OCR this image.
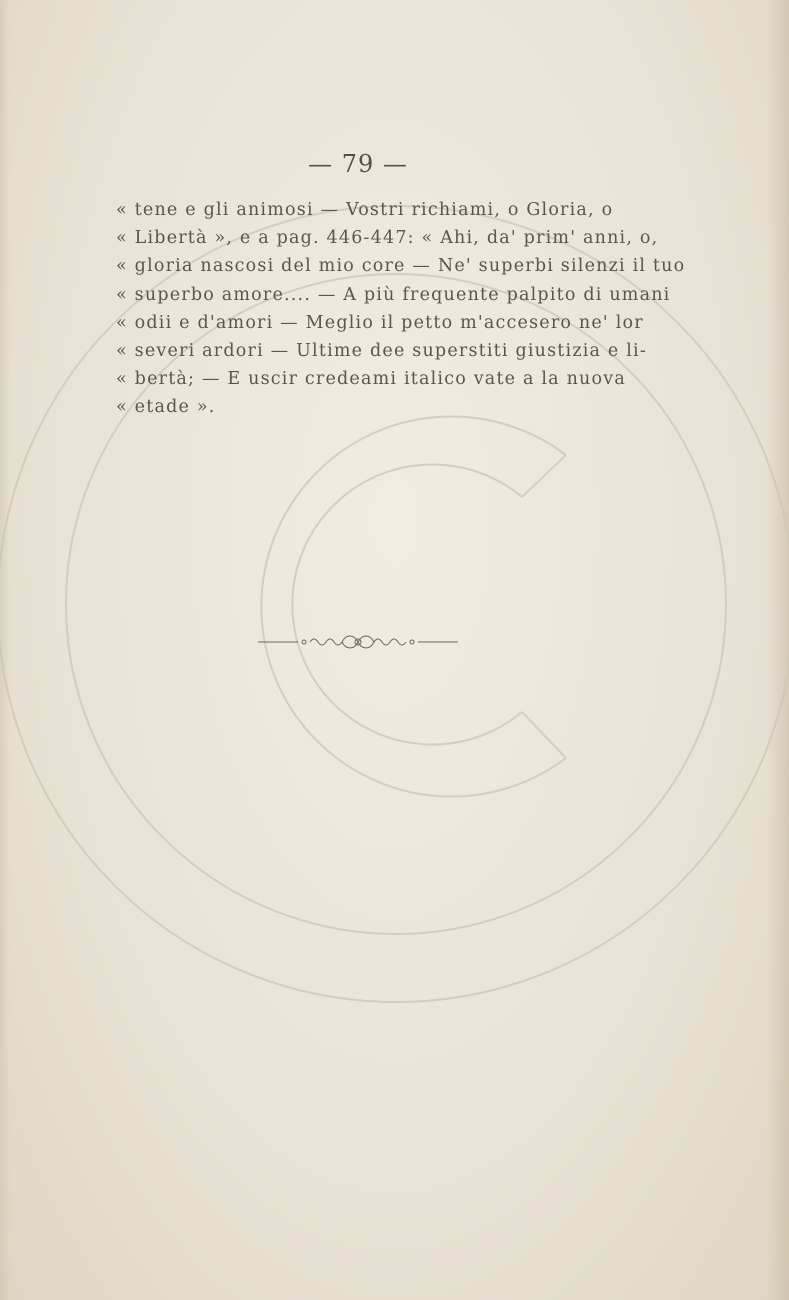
— 79 —
« tene e gli animosi — Vostri richiami, o Gloria, o
« Libertà », e a pag. 446-447: « Ahi, da' prim' anni, o,
« gloria nascosi del mio core — Ne' superbi silenzi il tuo
« superbo amore.... — A più frequente palpito di umani
« odii e d'amori — Meglio il petto m'accesero ne' lor
« severi ardori — Ultime dee superstiti giustizia e li-
« bertà; — E uscir credeami italico vate a la nuova
« etade ».
